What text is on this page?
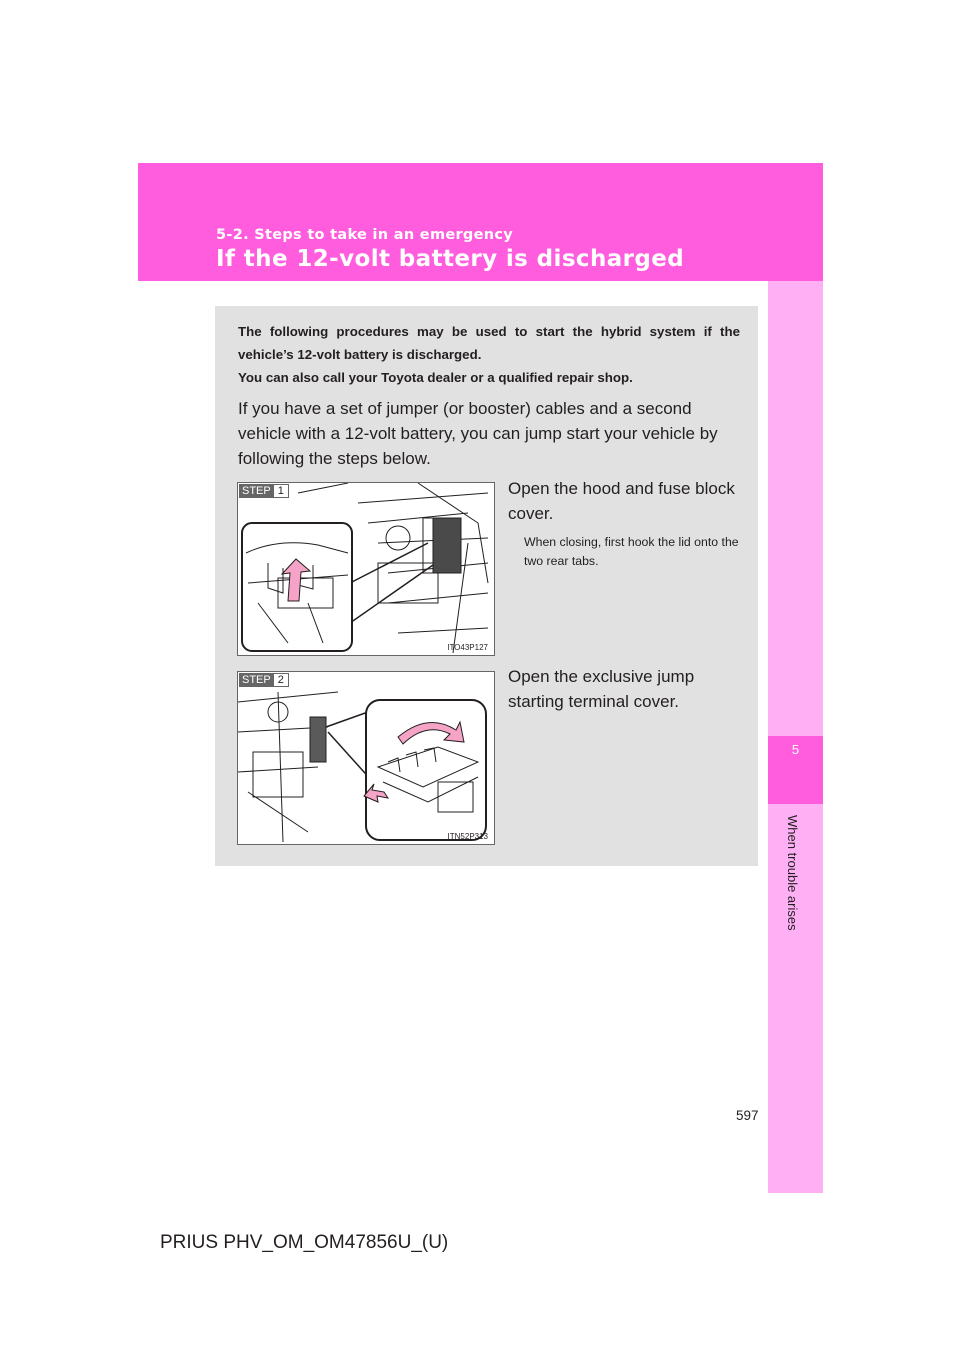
5-2. Steps to take in an emergency
If the 12-volt battery is discharged
5
When trouble arises

The following procedures may be used to start the hybrid system if the vehicle’s 12-volt battery is discharged.

You can also call your Toyota dealer or a qualified repair shop.

If you have a set of jumper (or booster) cables and a second vehicle with a 12-volt battery, you can jump start your vehicle by following the steps below.

STEP 1
ITO43P127

Open the hood and fuse block cover.

When closing, first hook the lid onto the two rear tabs.

STEP 2
ITN52P313

Open the exclusive jump starting terminal cover.

597
PRIUS PHV_OM_OM47856U_(U)
